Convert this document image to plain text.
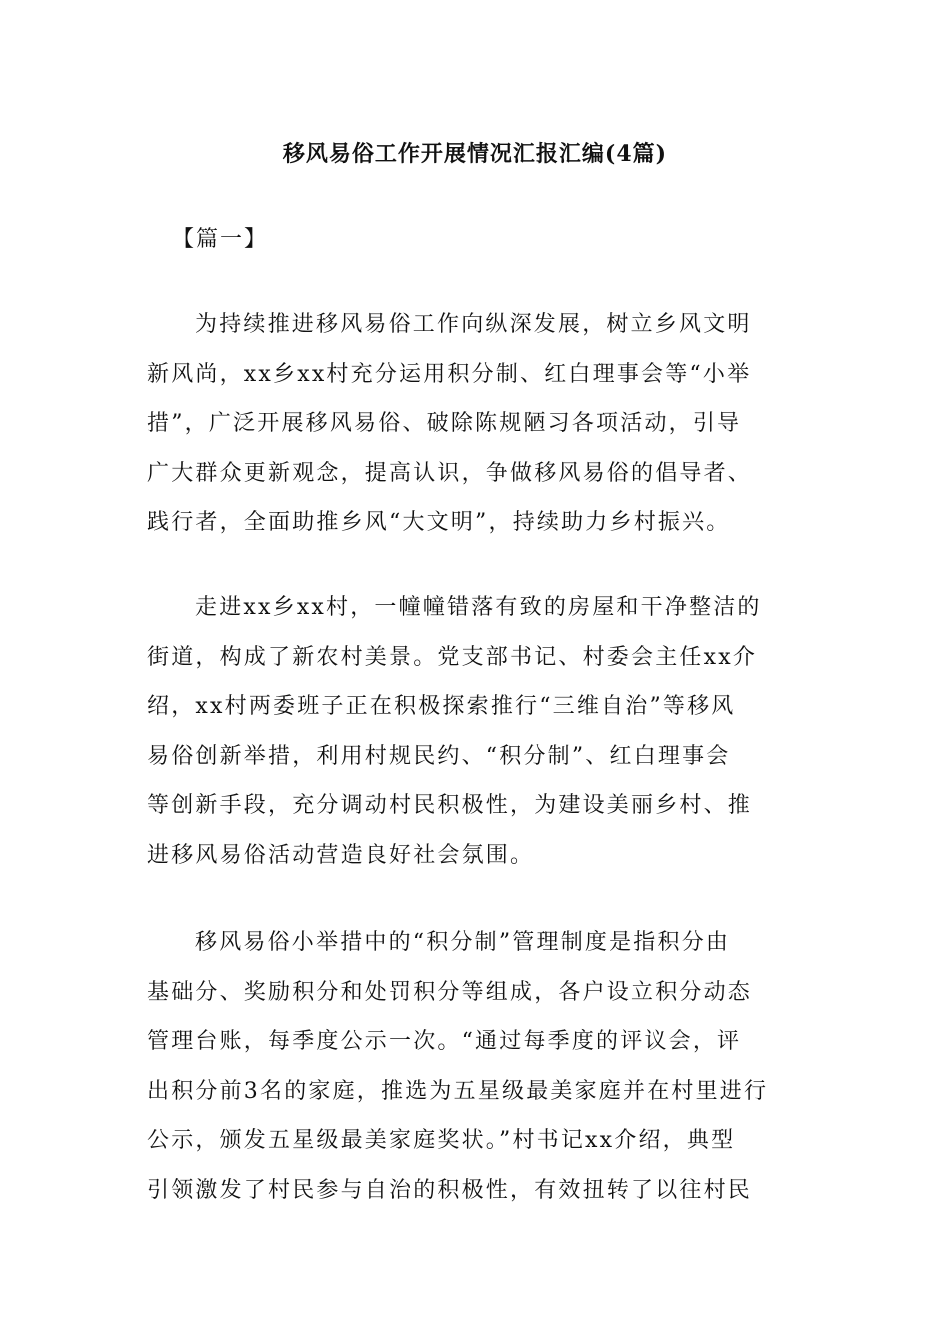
移风易俗工作开展情况汇报汇编(4篇)
【篇一】
为持续推进移风易俗工作向纵深发展，树立乡风文明
新风尚，xx乡xx村充分运用积分制、红白理事会等“小举
措”，广泛开展移风易俗、破除陈规陋习各项活动，引导
广大群众更新观念，提高认识，争做移风易俗的倡导者、
践行者，全面助推乡风“大文明”，持续助力乡村振兴。
走进xx乡xx村，一幢幢错落有致的房屋和干净整洁的
街道，构成了新农村美景。党支部书记、村委会主任xx介
绍，xx村两委班子正在积极探索推行“三维自治”等移风
易俗创新举措，利用村规民约、“积分制”、红白理事会
等创新手段，充分调动村民积极性，为建设美丽乡村、推
进移风易俗活动营造良好社会氛围。
移风易俗小举措中的“积分制”管理制度是指积分由
基础分、奖励积分和处罚积分等组成，各户设立积分动态
管理台账，每季度公示一次。“通过每季度的评议会，评
出积分前3名的家庭，推选为五星级最美家庭并在村里进行
公示，颁发五星级最美家庭奖状。”村书记xx介绍，典型
引领激发了村民参与自治的积极性，有效扭转了以往村民
